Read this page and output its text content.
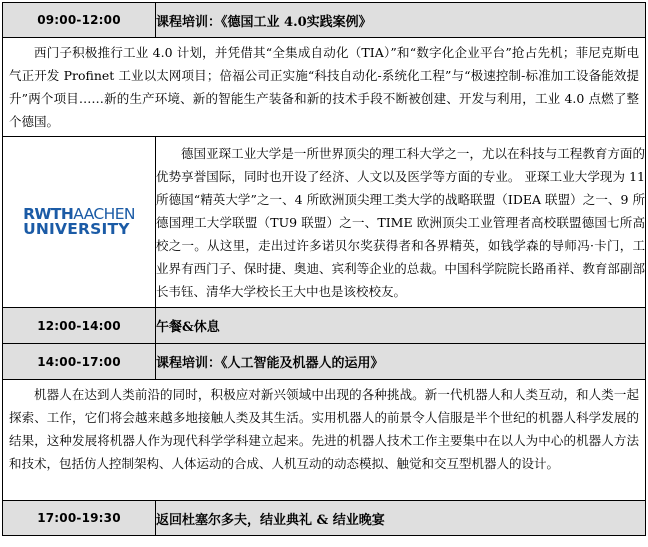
09:00-12:00	课程培训：《德国工业 4.0实践案例》

西门子积极推行工业 4.0 计划，并凭借其“全集成自动化（TIA）”和“数字化企业平台”抢占先机；菲尼克斯电气正开发 Profinet 工业以太网项目；倍福公司正实施“科技自动化-系统化工程”与“极速控制-标准加工设备能效提升”两个项目……新的生产环境、新的智能生产装备和新的技术手段不断被创建、开发与利用，工业 4.0 点燃了整个德国。	

RWTHAACHEN
UNIVERSITY	德国亚琛工业大学是一所世界顶尖的理工科大学之一，尤以在科技与工程教育方面的优势享誉国际，同时也开设了经济、人文以及医学等方面的专业。 亚琛工业大学现为 11 所德国“精英大学”之一、4 所欧洲顶尖理工类大学的战略联盟（IDEA 联盟）之一、9 所德国理工大学联盟（TU9 联盟）之一、TIME 欧洲顶尖工业管理者高校联盟德国七所高校之一。从这里，走出过许多诺贝尔奖获得者和各界精英，如钱学森的导师冯·卡门，工业界有西门子、保时捷、奥迪、宾利等企业的总裁。中国科学院院长路甬祥、教育部副部长韦钰、清华大学校长王大中也是该校校友。
12:00-14:00	午餐&休息
14:00-17:00	课程培训：《人工智能及机器人的运用》

机器人在达到人类前沿的同时，积极应对新兴领域中出现的各种挑战。新一代机器人和人类互动，和人类一起探索、工作，它们将会越来越多地接触人类及其生活。实用机器人的前景令人信服是半个世纪的机器人科学发展的结果，这种发展将机器人作为现代科学学科建立起来。先进的机器人技术工作主要集中在以人为中心的机器人方法和技术，包括仿人控制架构、人体运动的合成、人机互动的动态模拟、触觉和交互型机器人的设计。	

17:00-19:30	返回杜塞尔多夫，结业典礼 & 结业晚宴
